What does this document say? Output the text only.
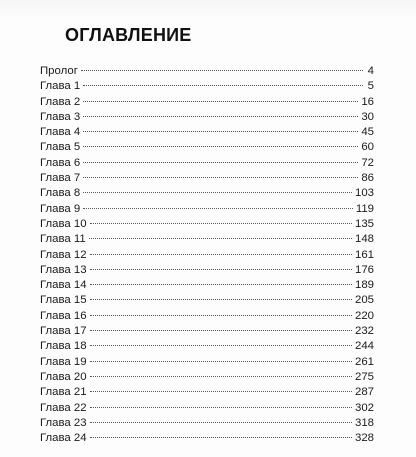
ОГЛАВЛЕНИЕ
Пролог	4
Глава 1	5
Глава 2	16
Глава 3	30
Глава 4	45
Глава 5	60
Глава 6	72
Глава 7	86
Глава 8	103
Глава 9	119
Глава 10	135
Глава 11	148
Глава 12	161
Глава 13	176
Глава 14	189
Глава 15	205
Глава 16	220
Глава 17	232
Глава 18	244
Глава 19	261
Глава 20	275
Глава 21	287
Глава 22	302
Глава 23	318
Глава 24	328
